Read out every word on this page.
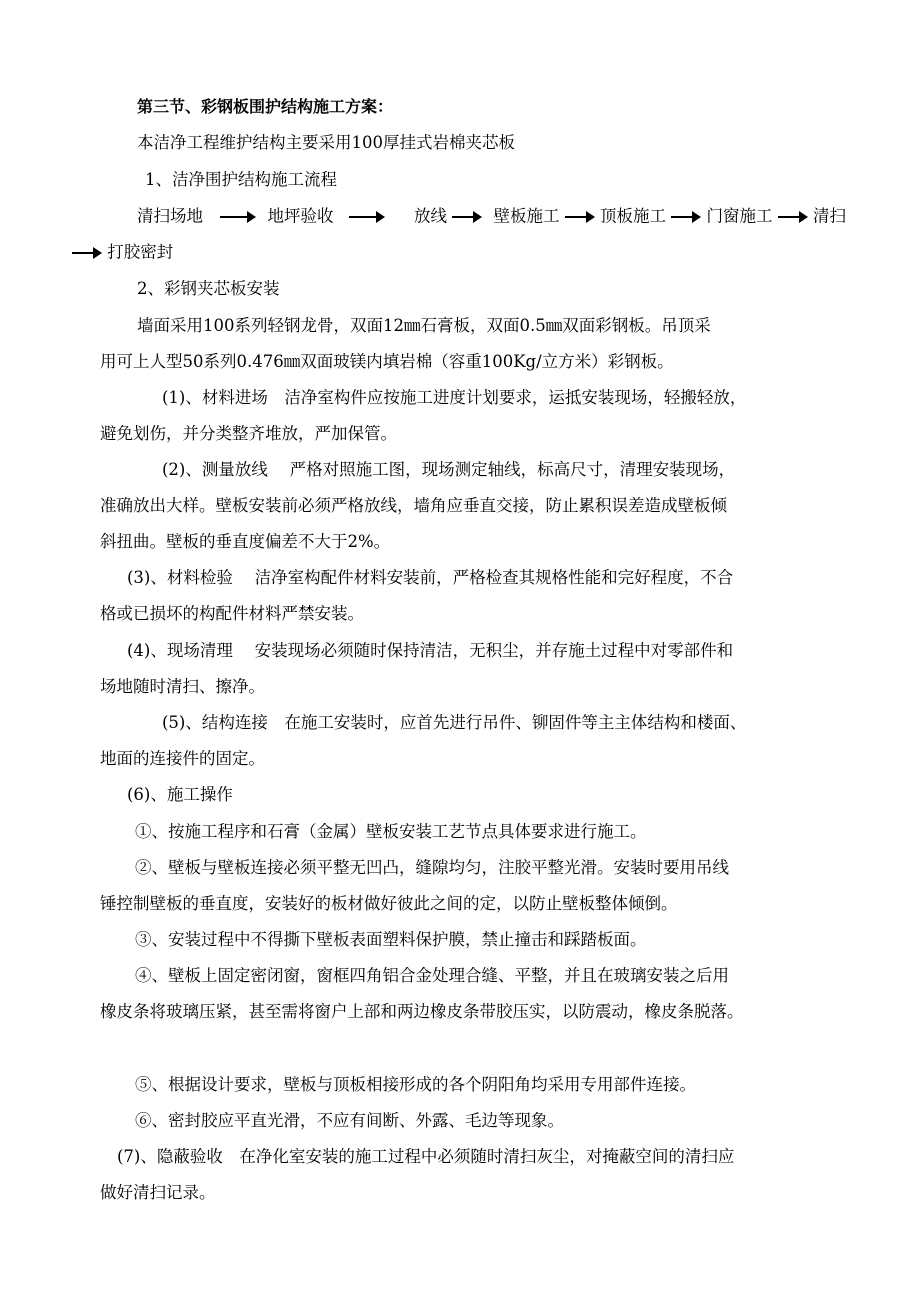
第三节、彩钢板围护结构施工方案：
本洁净工程维护结构主要采用100厚挂式岩棉夹芯板
1、洁净围护结构施工流程
清扫场地	地坪验收	放线	壁板施工 顶板施工 门窗施工 清扫
打胶密封
2、彩钢夹芯板安装
墙面采用100系列轻钢龙骨，双面12㎜石膏板，双面0.5㎜双面彩钢板。吊顶采
用可上人型50系列0.476㎜双面玻镁内填岩棉（容重100Kg/立方米）彩钢板。
(1)、材料进场　洁净室构件应按施工进度计划要求，运抵安装现场，轻搬轻放，
避免划伤，并分类整齐堆放，严加保管。
(2)、测量放线　 严格对照施工图，现场测定轴线，标高尺寸，清理安装现场，
准确放出大样。壁板安装前必须严格放线，墙角应垂直交接，防止累积误差造成壁板倾
斜扭曲。壁板的垂直度偏差不大于2%。
(3)、材料检验　 洁净室构配件材料安装前，严格检查其规格性能和完好程度，不合
格或已损坏的构配件材料严禁安装。
(4)、现场清理　 安装现场必须随时保持清洁，无积尘，并存施土过程中对零部件和
场地随时清扫、擦净。
(5)、结构连接　在施工安装时，应首先进行吊件、铆固件等主主体结构和楼面、
地面的连接件的固定。
(6)、施工操作
①、按施工程序和石膏（金属）壁板安装工艺节点具体要求进行施工。
②、壁板与壁板连接必须平整无凹凸，缝隙均匀，注胶平整光滑。安装时要用吊线
锤控制壁板的垂直度，安装好的板材做好彼此之间的定，以防止壁板整体倾倒。
③、安装过程中不得撕下壁板表面塑料保护膜，禁止撞击和踩踏板面。
④、壁板上固定密闭窗，窗框四角铝合金处理合缝、平整，并且在玻璃安装之后用
橡皮条将玻璃压紧，甚至需将窗户上部和两边橡皮条带胶压实，以防震动，橡皮条脱落。
⑤、根据设计要求，壁板与顶板相接形成的各个阴阳角均采用专用部件连接。
⑥、密封胶应平直光滑，不应有间断、外露、毛边等现象。
(7)、隐蔽验收　在净化室安装的施工过程中必须随时清扫灰尘，对掩蔽空间的清扫应
做好清扫记录。
